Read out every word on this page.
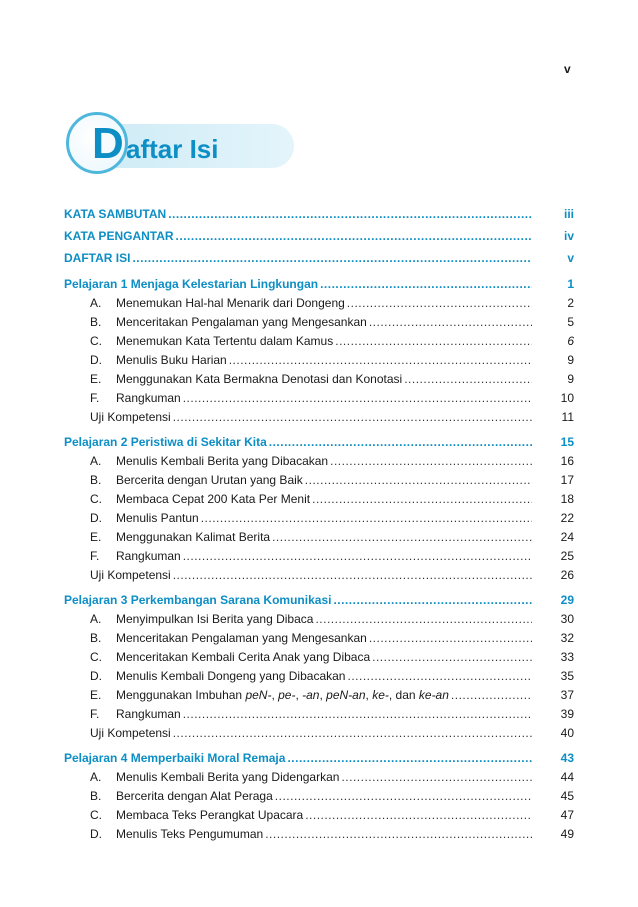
v
D aftar Isi
KATA SAMBUTAN .....	iii
KATA PENGANTAR .....	iv
DAFTAR ISI .....	v
Pelajaran 1 Menjaga Kelestarian Lingkungan .....	1
A.	Menemukan Hal-hal Menarik dari Dongeng .....	2
B.	Menceritakan Pengalaman yang Mengesankan .....	5
C.	Menemukan Kata Tertentu dalam Kamus .....	6
D.	Menulis Buku Harian .....	9
E.	Menggunakan Kata Bermakna Denotasi dan Konotasi .....	9
F.	Rangkuman .....	10
Uji Kompetensi .....	11
Pelajaran 2 Peristiwa di Sekitar Kita .....	15
A.	Menulis Kembali Berita yang Dibacakan .....	16
B.	Bercerita dengan Urutan yang Baik .....	17
C.	Membaca Cepat 200 Kata Per Menit .....	18
D.	Menulis Pantun .....	22
E.	Menggunakan Kalimat Berita .....	24
F.	Rangkuman .....	25
Uji Kompetensi .....	26
Pelajaran 3 Perkembangan Sarana Komunikasi .....	29
A.	Menyimpulkan Isi Berita yang Dibaca .....	30
B.	Menceritakan Pengalaman yang Mengesankan .....	32
C.	Menceritakan Kembali Cerita Anak yang Dibaca .....	33
D.	Menulis Kembali Dongeng yang Dibacakan .....	35
E.	Menggunakan Imbuhan peN-, pe-, -an, peN-an, ke-, dan ke-an .....	37
F.	Rangkuman .....	39
Uji Kompetensi .....	40
Pelajaran 4 Memperbaiki Moral Remaja .....	43
A.	Menulis Kembali Berita yang Didengarkan .....	44
B.	Bercerita dengan Alat Peraga .....	45
C.	Membaca Teks Perangkat Upacara .....	47
D.	Menulis Teks Pengumuman .....	49
